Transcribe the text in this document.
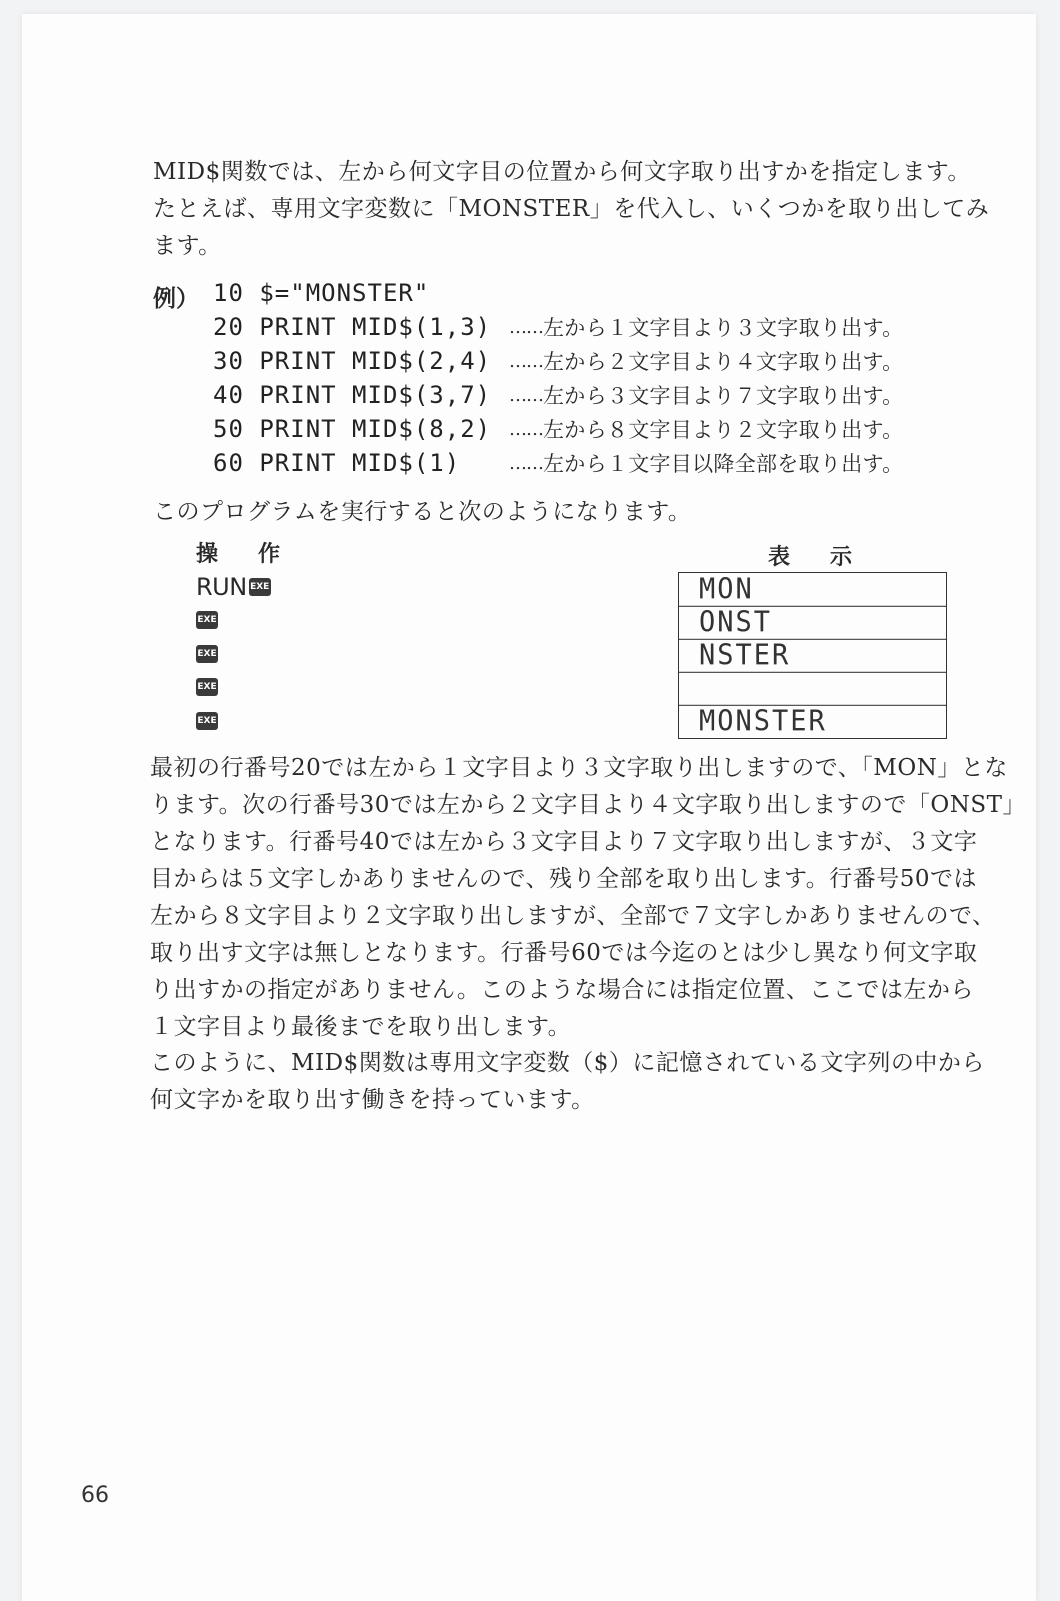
MID$関数では、左から何文字目の位置から何文字取り出すかを指定します。
たとえば、専用文字変数に「MONSTER」を代入し、いくつかを取り出してみ
ます。
例） 10 $="MONSTER"
20 PRINT MID$(1,3) …… 左から１文字目より３文字取り出す。
30 PRINT MID$(2,4) …… 左から２文字目より４文字取り出す。
40 PRINT MID$(3,7) …… 左から３文字目より７文字取り出す。
50 PRINT MID$(8,2) …… 左から８文字目より２文字取り出す。
60 PRINT MID$(1)	…… 左から１文字目以降全部を取り出す。
このプログラムを実行すると次のようになります。
操作	表示
RUN EXE
EXE
EXE
EXE
EXE
MON
ONST
NSTER
MONSTER
最初の行番号20では左から１文字目より３文字取り出しますので、「MON」とな
ります。次の行番号30では左から２文字目より４文字取り出しますので「ONST」
となります。行番号40では左から３文字目より７文字取り出しますが、３文字
目からは５文字しかありませんので、残り全部を取り出します。行番号50では
左から８文字目より２文字取り出しますが、全部で７文字しかありませんので、
取り出す文字は無しとなります。行番号60では今迄のとは少し異なり何文字取
り出すかの指定がありません。このような場合には指定位置、ここでは左から
１文字目より最後までを取り出します。
このように、MID$関数は専用文字変数（$）に記憶されている文字列の中から
何文字かを取り出す働きを持っています。
66
